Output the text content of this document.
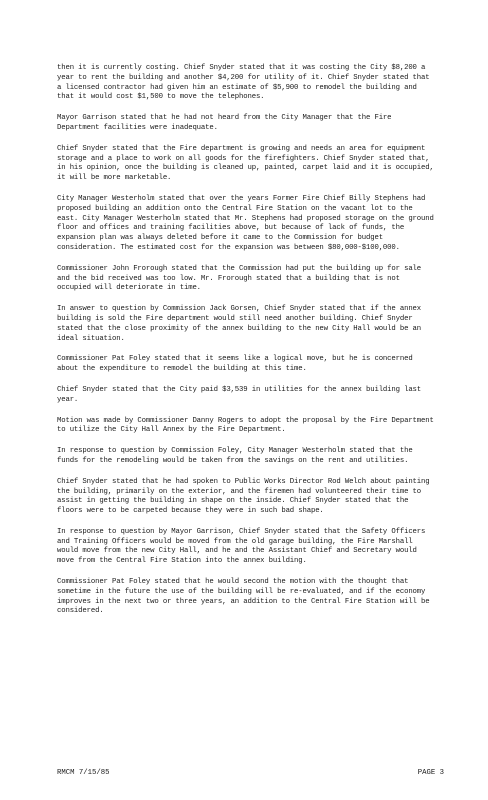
then it is currently costing. Chief Snyder stated that it was costing the City $8,200 a year to rent the building and another $4,200 for utility of it. Chief Snyder stated that a licensed contractor had given him an estimate of $5,900 to remodel the building and that it would cost $1,500 to move the telephones.

Mayor Garrison stated that he had not heard from the City Manager that the Fire Department facilities were inadequate.

Chief Snyder stated that the Fire department is growing and needs an area for equipment storage and a place to work on all goods for the firefighters. Chief Snyder stated that, in his opinion, once the building is cleaned up, painted, carpet laid and it is occupied, it will be more marketable.

City Manager Westerholm stated that over the years Former Fire Chief Billy Stephens had proposed building an addition onto the Central Fire Station on the vacant lot to the east. City Manager Westerholm stated that Mr. Stephens had proposed storage on the ground floor and offices and training facilities above, but because of lack of funds, the expansion plan was always deleted before it came to the Commission for budget consideration. The estimated cost for the expansion was between $80,000-$100,000.

Commissioner John Frorough stated that the Commission had put the building up for sale and the bid received was too low. Mr. Frorough stated that a building that is not occupied will deteriorate in time.

In answer to question by Commission Jack Gorsen, Chief Snyder stated that if the annex building is sold the Fire department would still need another building. Chief Snyder stated that the close proximity of the annex building to the new City Hall would be an ideal situation.

Commissioner Pat Foley stated that it seems like a logical move, but he is concerned about the expenditure to remodel the building at this time.

Chief Snyder stated that the City paid $3,539 in utilities for the annex building last year.

Motion was made by Commissioner Danny Rogers to adopt the proposal by the Fire Department to utilize the City Hall Annex by the Fire Department.

In response to question by Commission Foley, City Manager Westerholm stated that the funds for the remodeling would be taken from the savings on the rent and utilities.

Chief Snyder stated that he had spoken to Public Works Director Rod Welch about painting the building, primarily on the exterior, and the firemen had volunteered their time to assist in getting the building in shape on the inside. Chief Snyder stated that the floors were to be carpeted because they were in such bad shape.

In response to question by Mayor Garrison, Chief Snyder stated that the Safety Officers and Training Officers would be moved from the old garage building, the Fire Marshall would move from the new City Hall, and he and the Assistant Chief and Secretary would move from the Central Fire Station into the annex building.

Commissioner Pat Foley stated that he would second the motion with the thought that sometime in the future the use of the building will be re-evaluated, and if the economy improves in the next two or three years, an addition to the Central Fire Station will be considered.

RMCM 7/15/85	PAGE 3
